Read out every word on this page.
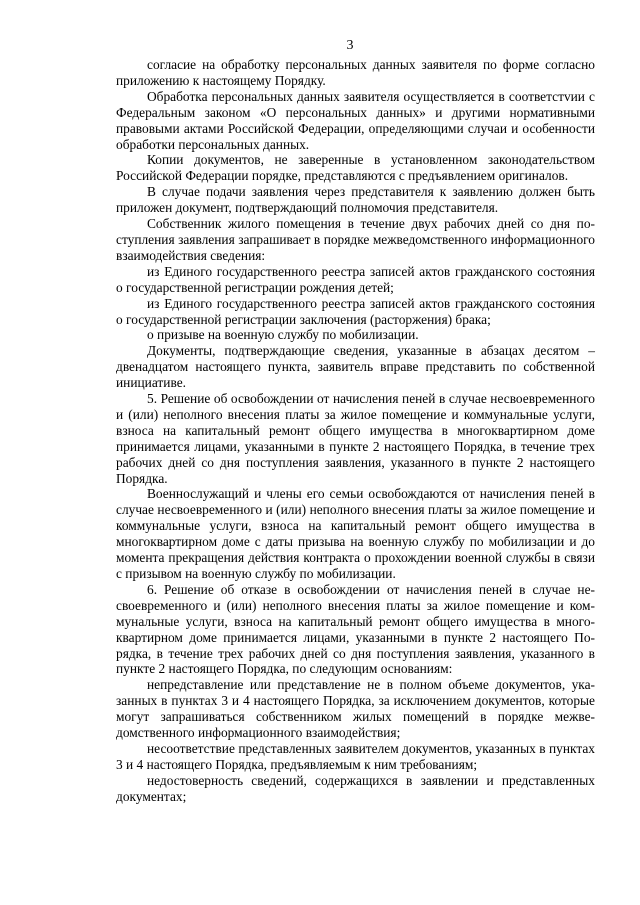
3

согласие на обработку персональных данных заявителя по форме согласно приложению к настоящему Порядку.

Обработка персональных данных заявителя осуществляется в соответстvии с Федеральным законом «О персональных данных» и другими нормативными правовыми актами Российской Федерации, определяющими случаи и особенности обработки персональных данных.

Копии документов, не заверенные в установленном законодательством Российской Федерации порядке, представляются с предъявлением оригиналов.

В случае подачи заявления через представителя к заявлению должен быть приложен документ, подтверждающий полномочия представителя.

Собственник жилого помещения в течение двух рабочих дней со дня поступления заявления запрашивает в порядке межведомственного информационного взаимодействия сведения:

из Единого государственного реестра записей актов гражданского состояния о государственной регистрации рождения детей;

из Единого государственного реестра записей актов гражданского состояния о государственной регистрации заключения (расторжения) брака;

о призыве на военную службу по мобилизации.

Документы, подтверждающие сведения, указанные в абзацах десятом – двенадцатом настоящего пункта, заявитель вправе представить по собственной инициативе.

5. Решение об освобождении от начисления пеней в случае несвоевременного и (или) неполного внесения платы за жилое помещение и коммунальные услуги, взноса на капитальный ремонт общего имущества в многоквартирном доме принимается лицами, указанными в пункте 2 настоящего Порядка, в течение трех рабочих дней со дня поступления заявления, указанного в пункте 2 настоящего Порядка.

Военнослужащий и члены его семьи освобождаются от начисления пеней в случае несвоевременного и (или) неполного внесения платы за жилое помещение и коммунальные услуги, взноса на капитальный ремонт общего имущества в многоквартирном доме с даты призыва на военную службу по мобилизации и до момента прекращения действия контракта о прохождении военной службы в связи с призывом на военную службу по мобилизации.

6. Решение об отказе в освобождении от начисления пеней в случае несвоевременного и (или) неполного внесения платы за жилое помещение и коммунальные услуги, взноса на капитальный ремонт общего имущества в многоквартирном доме принимается лицами, указанными в пункте 2 настоящего Порядка, в течение трех рабочих дней со дня поступления заявления, указанного в пункте 2 настоящего Порядка, по следующим основаниям:

непредставление или представление не в полном объеме документов, указанных в пунктах 3 и 4 настоящего Порядка, за исключением документов, которые могут запрашиваться собственником жилых помещений в порядке межведомственного информационного взаимодействия;

несоответствие представленных заявителем документов, указанных в пунктах 3 и 4 настоящего Порядка, предъявляемым к ним требованиям;

недостоверность сведений, содержащихся в заявлении и представленных документах;
